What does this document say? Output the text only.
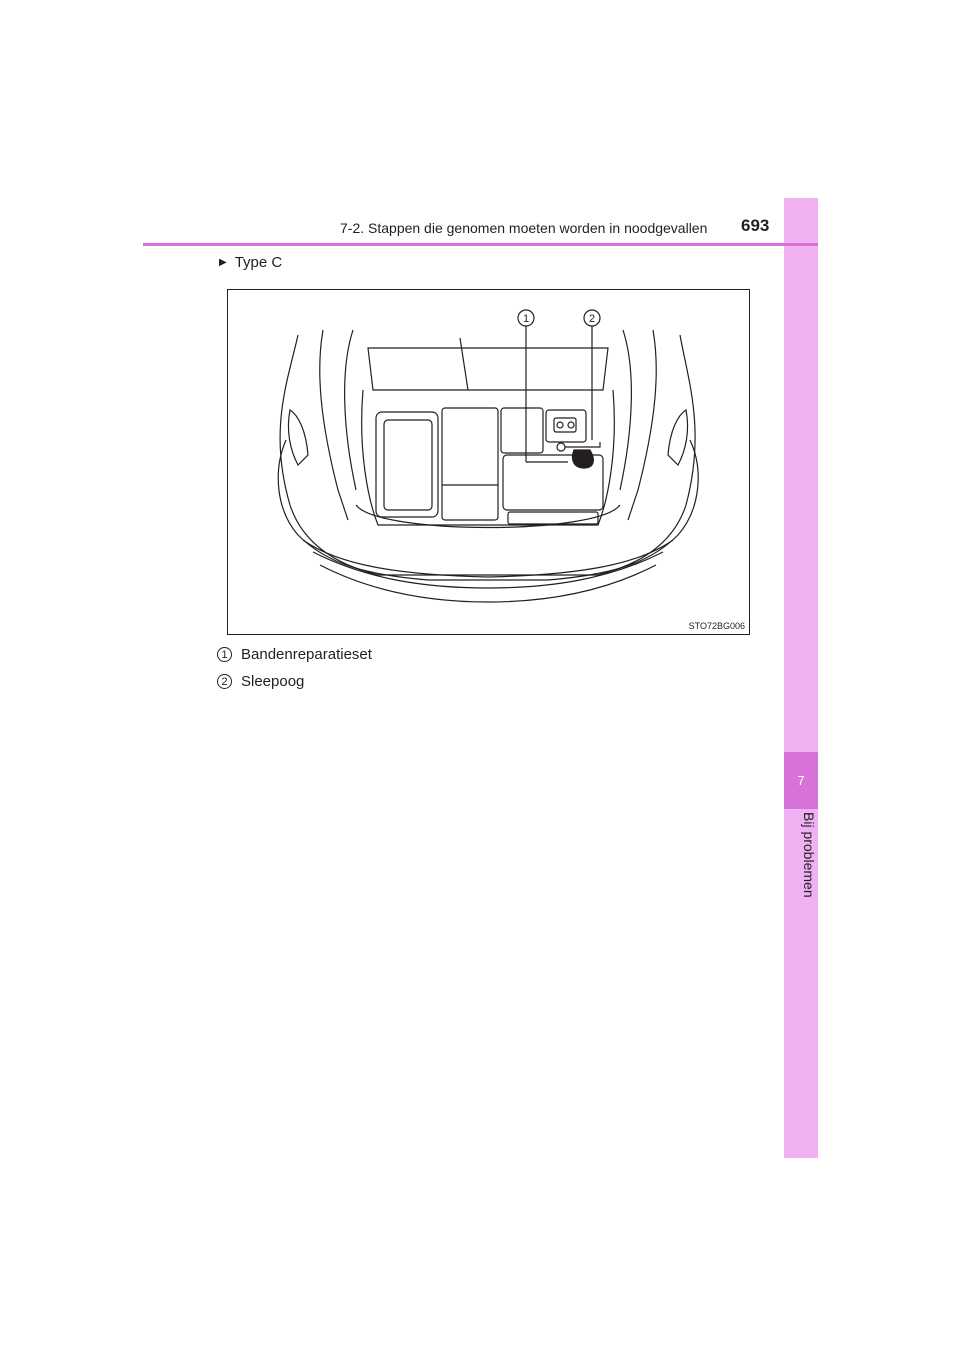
7
Bij problemen
7-2. Stappen die genomen moeten worden in noodgevallen 693
▶ Type C
1	2
STO72BG006
1 Bandenreparatieset
2 Sleepoog
